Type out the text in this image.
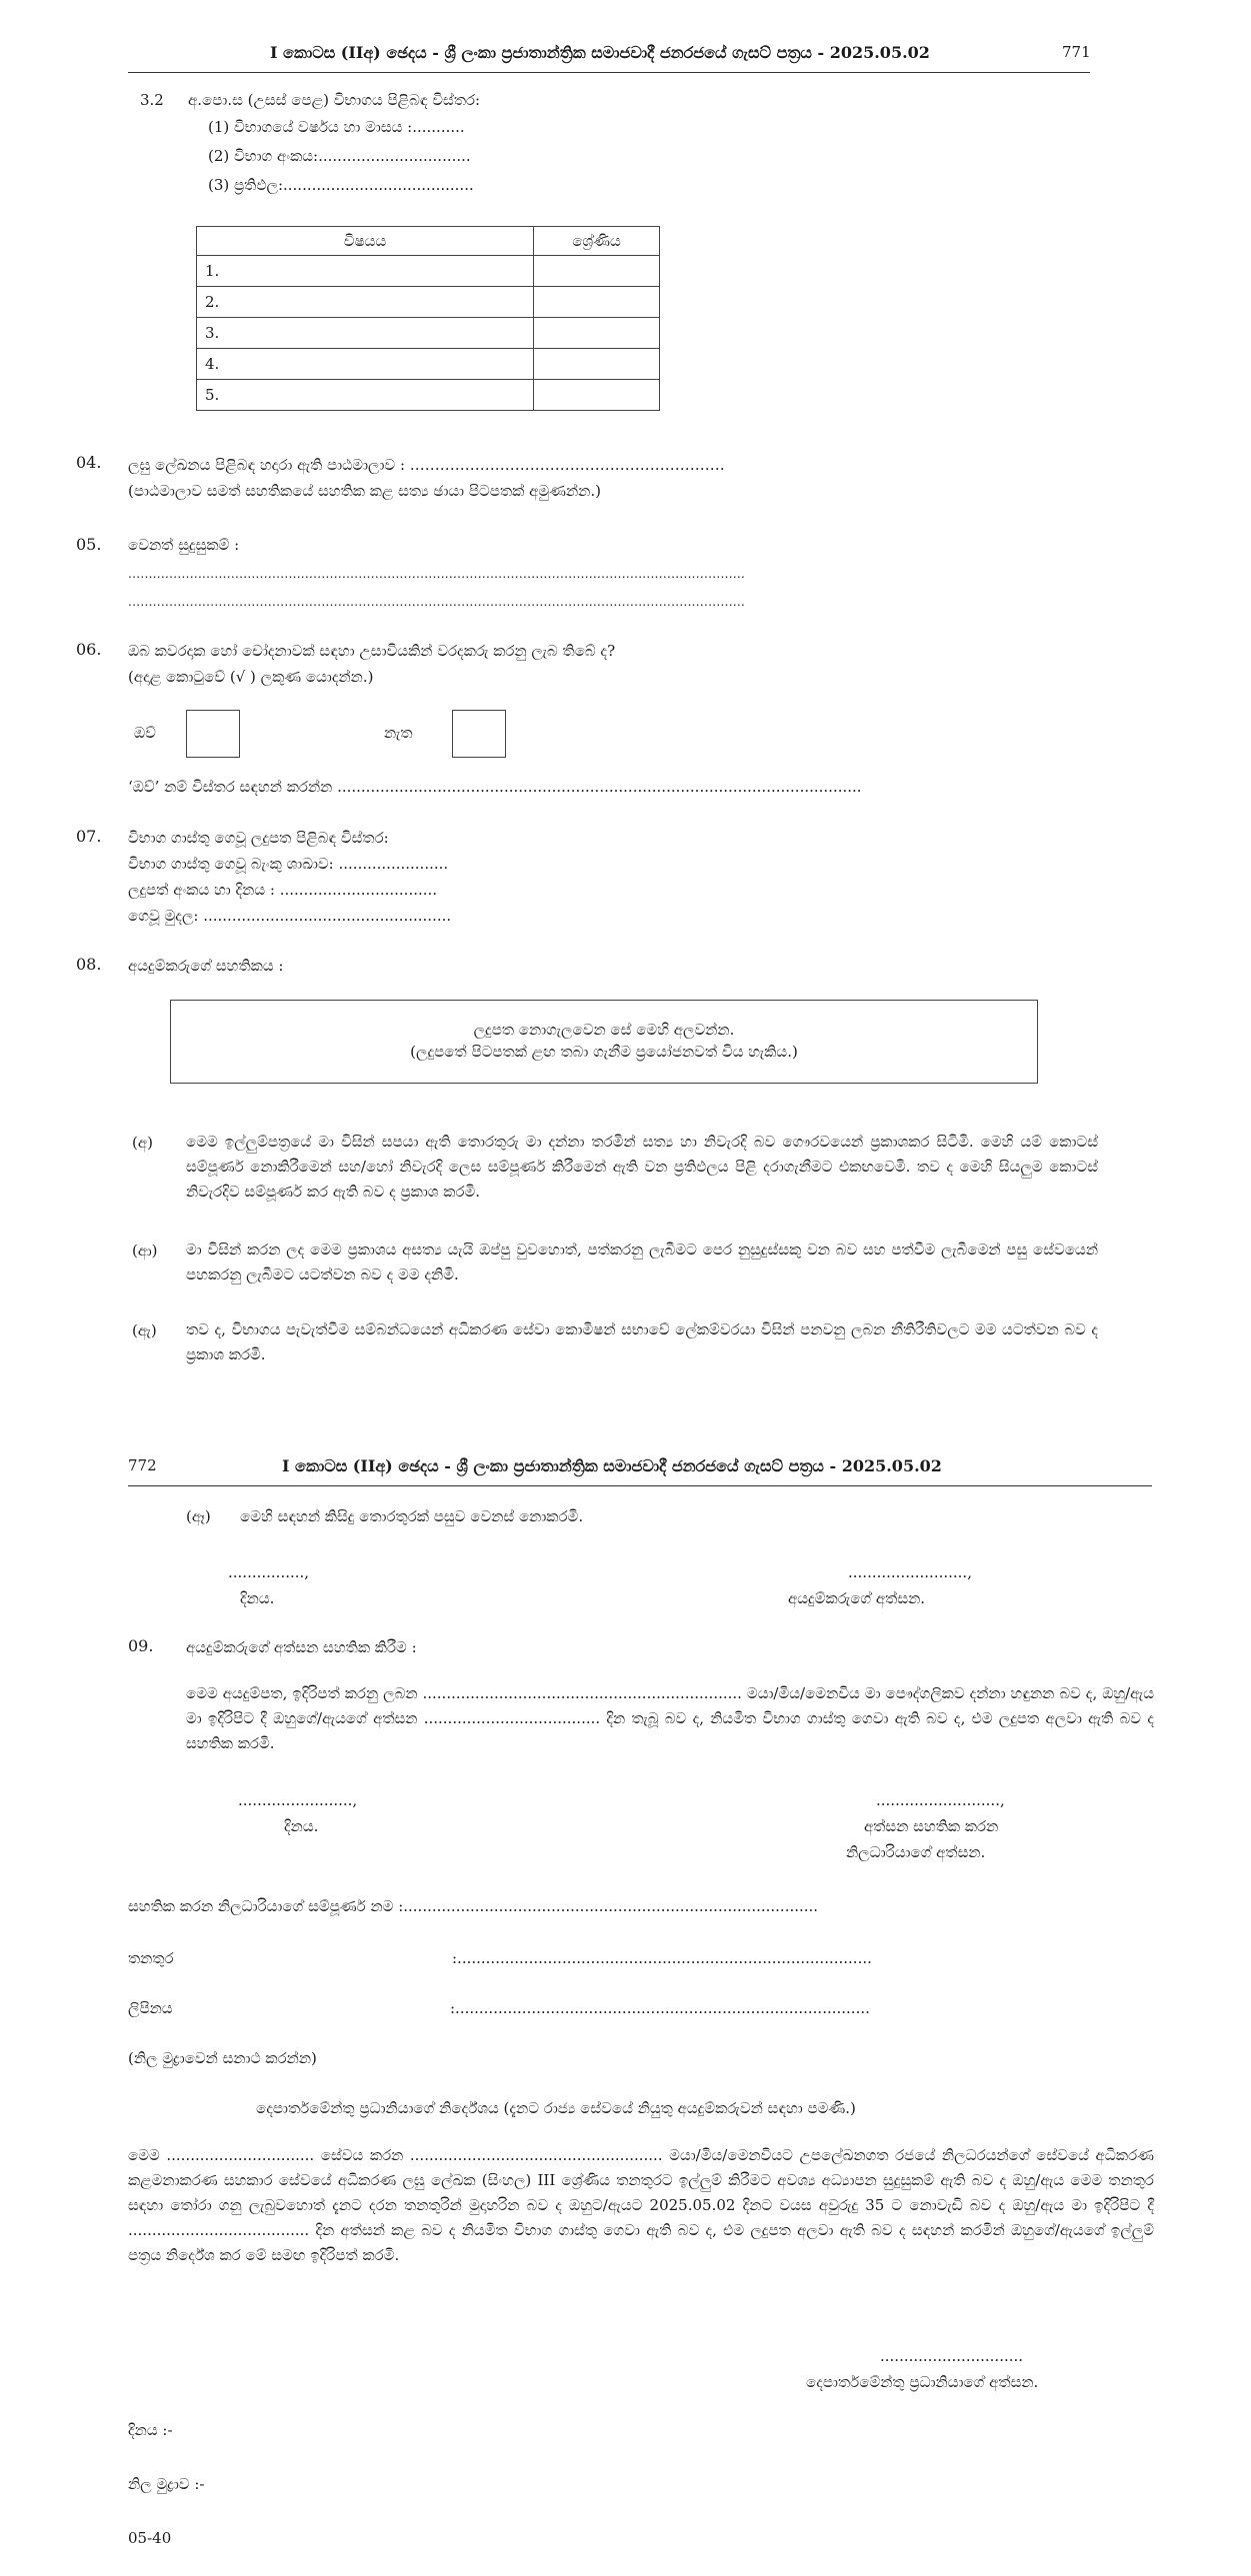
I කොටස (IIඅ) ඡෙදය - ශ්‍රී ලංකා ප්‍රජාතාන්ත්‍රික සමාජවාදී ජනරජයේ ගැසට් පත්‍රය - 2025.05.02	771
3.2 අ.පො.ස (උසස් පෙළ) විභාගය පිළිබඳ විස්තර:
(1) විභාගයේ වර්ෂය හා මාසය :...........
(2) විභාග අංකය:................................
(3) ප්‍රතිඵල:........................................
විෂයය	ශ්‍රේණිය
1.	
2.	
3.	
4.	
5.	
04. ලඝු ලේඛනය පිළිබඳ හදාරා ඇති පාඨමාලාව : ………………………………………………………
(පාඨමාලාව සමත් සහතිකයේ සහතික කළ සත්‍ය ඡායා පිටපතක් අමුණන්න.)
05. වෙනත් සුදුසුකම් :
......................................................................................................................................................
......................................................................................................................................................
06. ඔබ කවරදාක හෝ චෝදනාවක් සඳහා උසාවියකින් වරදකරු කරනු ලැබ තිබේ ද?
(අදාළ කොටුවේ (√ ) ලකුණ යොදන්න.)
ඔව්	නැත
‘ඔව්’ නම් විස්තර සඳහන් කරන්න ..............................................................................................................
07. විභාග ගාස්තු ගෙවූ ලදුපත පිළිබඳ විස්තර:
විභාග ගාස්තු ගෙවූ බැංකු ශාඛාව: .......................
ලදුපත් අංකය හා දිනය : .................................
ගෙවූ මුදල: ....................................................
08. අයදුම්කරුගේ සහතිකය :
ලදුපත නොගැලවෙන සේ මෙහි අලවන්න.
(ලදුපතේ පිටපතක් ළඟ තබා ගැනීම ප්‍රයෝජනවත් විය හැකිය.)
(අ) මෙම ඉල්ලුම්පත්‍රයේ මා විසින් සපයා ඇති තොරතුරු මා දන්නා තරමින් සත්‍ය හා නිවැරදි බව ගෞරවයෙන් ප්‍රකාශකර සිටිමි. මෙහි යම් කොටස් සම්පූර්ණ නොකිරීමෙන් සහ/හෝ නිවැරදි ලෙස සම්පූර්ණ කිරීමෙන් ඇති වන ප්‍රතිඵලය පිළි දරාගැනීමට එකඟවෙමි. තව ද මෙහි සියලුම කොටස් නිවැරදිව සම්පූර්ණ කර ඇති බව ද ප්‍රකාශ කරමි.
(ආ) මා විසින් කරන ලද මෙම ප්‍රකාශය අසත්‍ය යැයි ඔප්පු වුවහොත්, පත්කරනු ලැබීමට පෙර නුසුදුස්සකු වන බව සහ පත්වීම ලැබීමෙන් පසු සේවයෙන් පහකරනු ලැබීමට යටත්වන බව ද මම දනිමි.
(ඇ) තව ද, විභාගය පැවැත්වීම සම්බන්ධයෙන් අධිකරණ සේවා කොමිෂන් සභාවේ ලේකම්වරයා විසින් පනවනු ලබන නීතිරීතිවලට මම යටත්වන බව ද ප්‍රකාශ කරමි.
772	I කොටස (IIඅ) ඡෙදය - ශ්‍රී ලංකා ප්‍රජාතාන්ත්‍රික සමාජවාදී ජනරජයේ ගැසට් පත්‍රය - 2025.05.02
(ඈ) මෙහි සඳහන් කිසිදු තොරතුරක් පසුව වෙනස් නොකරමි.
................,
දිනය.
.........................,
අයදුම්කරුගේ අත්සන.
09. අයදුම්කරුගේ අත්සන සහතික කිරීම :
මෙම අයදුම්පත, ඉදිරිපත් කරනු ලබන ................................................................... මයා/මිය/මෙනවිය මා පෞද්ගලිකව දන්නා හඳුනන බව ද, ඔහු/ඇය මා ඉදිරිපිට දී ඔහුගේ/ඇයගේ අත්සන ..................................... දින තැබූ බව ද, නියමිත විභාග ගාස්තු ගෙවා ඇති බව ද, එම ලදුපත අලවා ඇති බව ද සහතික කරමි.
........................,
දිනය.
..........................,
අත්සන සහතික කරන
නිලධාරියාගේ අත්සන.
සහතික කරන නිලධාරියාගේ සම්පූර්ණ නම :.......................................................................................
තනතුර	:.......................................................................................
ලිපිනය	:.......................................................................................
(නිල මුද්‍රාවෙන් සනාථ කරන්න)
දෙපාර්තමේන්තු ප්‍රධානියාගේ නිර්දේශය (දැනට රාජ්‍ය සේවයේ නියුතු අයදුම්කරුවන් සඳහා පමණි.)
මෙම ............................... සේවය කරන ..................................................... මයා/මිය/මෙනවියට උපලේඛනගත රජයේ නිලධරයන්ගේ සේවයේ අධිකරණ කළමනාකරණ සහකාර සේවයේ අධිකරණ ලඝු ලේඛක (සිංහල) III ශ්‍රේණිය තනතුරට ඉල්ලුම් කිරීමට අවශ්‍ය අධ්‍යාපන සුදුසුකම් ඇති බව ද ඔහු/ඇය මෙම තනතුර සඳහා තෝරා ගනු ලැබුවහොත් දැනට දරන තනතුරින් මුදාහරින බව ද ඔහුට/ඇයට 2025.05.02 දිනට වයස අවුරුදු 35 ට නොවැඩි බව ද ඔහු/ඇය මා ඉදිරිපිට දී ...................................... දින අත්සන් කළ බව ද නියමිත විභාග ගාස්තු ගෙවා ඇති බව ද, එම ලදුපත අලවා ඇති බව ද සඳහන් කරමින් ඔහුගේ/ඇයගේ ඉල්ලුම් පත්‍රය නිර්දේශ කර මේ සමඟ ඉදිරිපත් කරමි.
..............................
දෙපාර්තමේන්තු ප්‍රධානියාගේ අත්සන.
දිනය :-
නිල මුද්‍රාව :-
05-40
